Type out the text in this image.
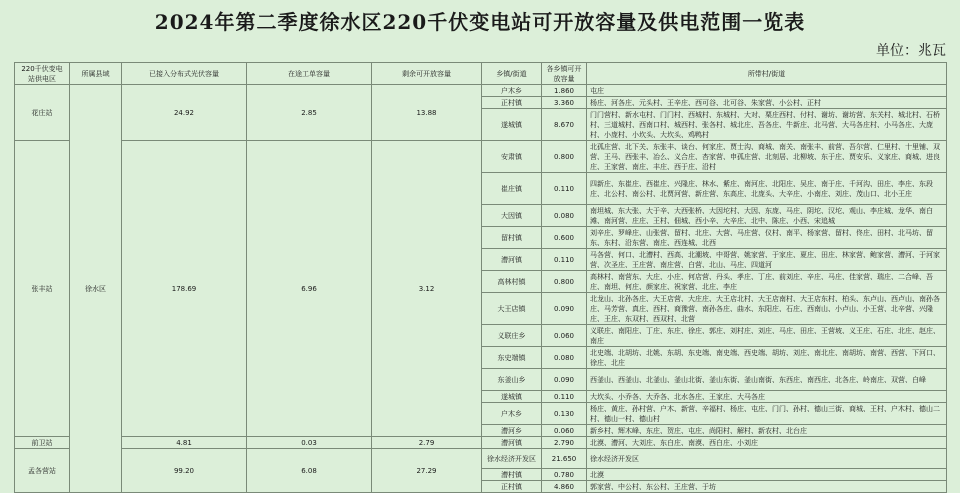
2024年第二季度徐水区220千伏变电站可开放容量及供电范围一览表
单位：兆瓦
220千伏变电站供电区	所属县域	已接入分布式光伏容量	在途工单容量	剩余可开放容量	乡镇/街道	各乡镇可开放容量	所带村/街道
花庄站	徐水区	24.92	2.85	13.88	户木乡	1.860	屯庄
					正村镇	3.360	杨庄、河各庄、元头村、王辛庄、西可谷、北可谷、朱家营、小公村、正村
					遂城镇	8.670	门门营村、新水屯村、门门村、西城村、东城村、大对、栗庄西村、付村、谢坊、谢坊营、东关村、城北村、石桥村、三道城村、西南口村、城西村、张各村、城北庄、吾各庄、牛新庄、北马营、大马各庄村、小马各庄、大庞村、小庞村、小坎头、大坎头、鸡鸭村
张丰站		178.69	6.96	3.12	安肃镇	0.800	北孤庄营、北下关、东张丰、谈台、何家庄、贾士沟、商城、南关、南张丰、前营、吾尔营、仁里村、十里铺、双营、王马、西张丰、冶么、义合庄、杏家营、申孤庄营、北刻居、北柳坡、东于庄、贾安乐、义家庄、商城、进良庄、王家营、南庄、丰庄、西于庄、沿村
					崔庄镇	0.110	四新庄、东崔庄、西崔庄、兴隆庄、林水、紫庄、南河庄、北阳庄、吴庄、南于庄、千河沟、田庄、李庄、东段庄、北公村、南公村、北贾河营、新庄营、东高庄、北庞头、大辛庄、小南庄、刘庄、茂山口、北小王庄
					大因镇	0.080	南坦城、东大张、大于辛、大西张桥、大因坨村、大因、东庞、马庄、阴坨、汉坨、观山、李庄城、龙华、南白滩、南河营、庄庄、王村、佃城、西小辛、大辛庄、北中、陈庄、小西、宋追城
					留村镇	0.600	刘辛庄、罗峰庄、山张营、留村、北庄、大营、马庄营、仪村、南平、杨家营、留村、佟庄、田村、北马坊、留东、东村、沿东营、南庄、西连城、北西
					漕河镇	0.110	马各营、何口、北漕村、西高、北潮坡、中哥营、姚家营、于家庄、夏庄、田庄、林家营、鲍家营、漕河、于河家营、次圣庄、王庄营、南庄营、白营、北山、马庄、四道河
					高林村镇	0.800	高林村、南营东、大庄、小庄、何店营、丹头、孝庄、丁庄、前刘庄、辛庄、马庄、佳家营、瑞庄、二合峰、吾庄、南坦、何庄、颜家庄、祝家营、北庄、李庄
					大王店镇	0.090	北龙山、北孙各庄、大王店营、大庄庄、大王店北村、大王店南村、大王店东村、柏头、东卢山、西卢山、南孙各庄、马芳营、真庄、西村、商豫营、南孙各庄、曲水、东阳庄、石庄、西南山、小卢山、小王营、北辛营、兴隆庄、王庄、东双村、西双村、北营
					义联庄乡	0.060	义联庄、南阳庄、丁庄、东庄、徐庄、郭庄、刘村庄、刘庄、马庄、田庄、王营坡、义王庄、石庄、北庄、赵庄、南庄
					东史端镇	0.080	北史端、北胡坊、北姚、东胡、东史端、南史端、西史端、胡坊、刘庄、南北庄、南胡坊、南营、西营、下河口、徐庄、北庄
					东釜山乡	0.090	西釜山、西釜山、北釜山、釜山北街、釜山东街、釜山南街、东西庄、南西庄、北各庄、岭南庄、双营、白峰
					遂城镇	0.110	大坎头、小乔各、大乔各、北水各庄、王家庄、大马各庄
					户木乡	0.130	杨庄、黄庄、孙村营、户木、新营、辛福村、杨庄、屯庄、门门、孙村、德山三街、商城、王村、户木村、德山二村、德山一村、德山村
					漕河乡	0.060	新乡村、辉木峰、东庄、贺庄、屯庄、尚阳村、解村、新农村、北台庄
前卫站		4.81	0.03	2.79	漕河镇	2.790	北漠、漕河、大刘庄、东白庄、南漠、西白庄、小刘庄
孟各营站		99.20	6.08	27.29	徐水经济开发区	21.650	徐水经济开发区
					漕村镇	0.780	北漠
					正村镇	4.860	郭家营、中公村、东公村、王庄营、于坊
